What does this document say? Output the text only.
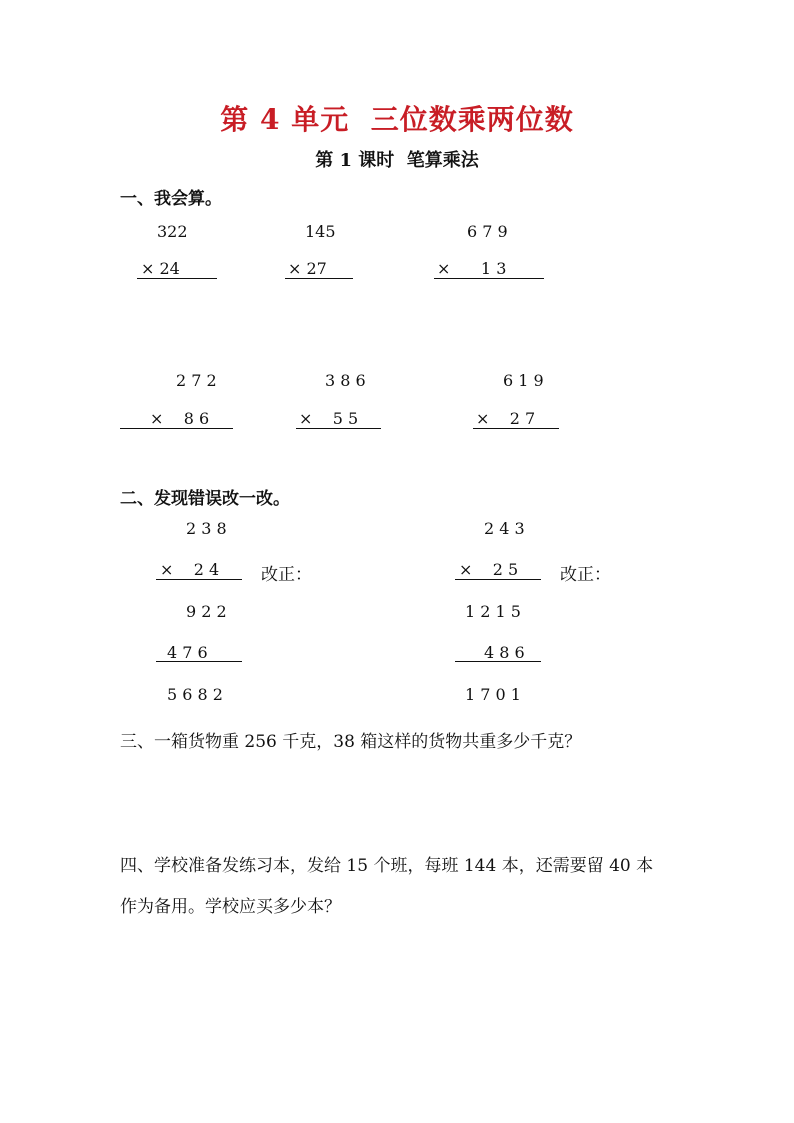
第 4 单元  三位数乘两位数
第 1 课时  笔算乘法
一、我会算。
322
× 24
145
× 27
6 7 9
×      1 3
2 7 2
×    8 6
3 8 6
×    5 5
6 1 9
×    2 7
二、发现错误改一改。
2 3 8
×    2 4 改正：
9 2 2
4 7 6
5 6 8 2
2 4 3
×    2 5 改正：
1 2 1 5
4 8 6
1 7 0 1
三、一箱货物重 256 千克，38 箱这样的货物共重多少千克？
四、学校准备发练习本，发给 15 个班，每班 144 本，还需要留 40 本
作为备用。学校应买多少本？
